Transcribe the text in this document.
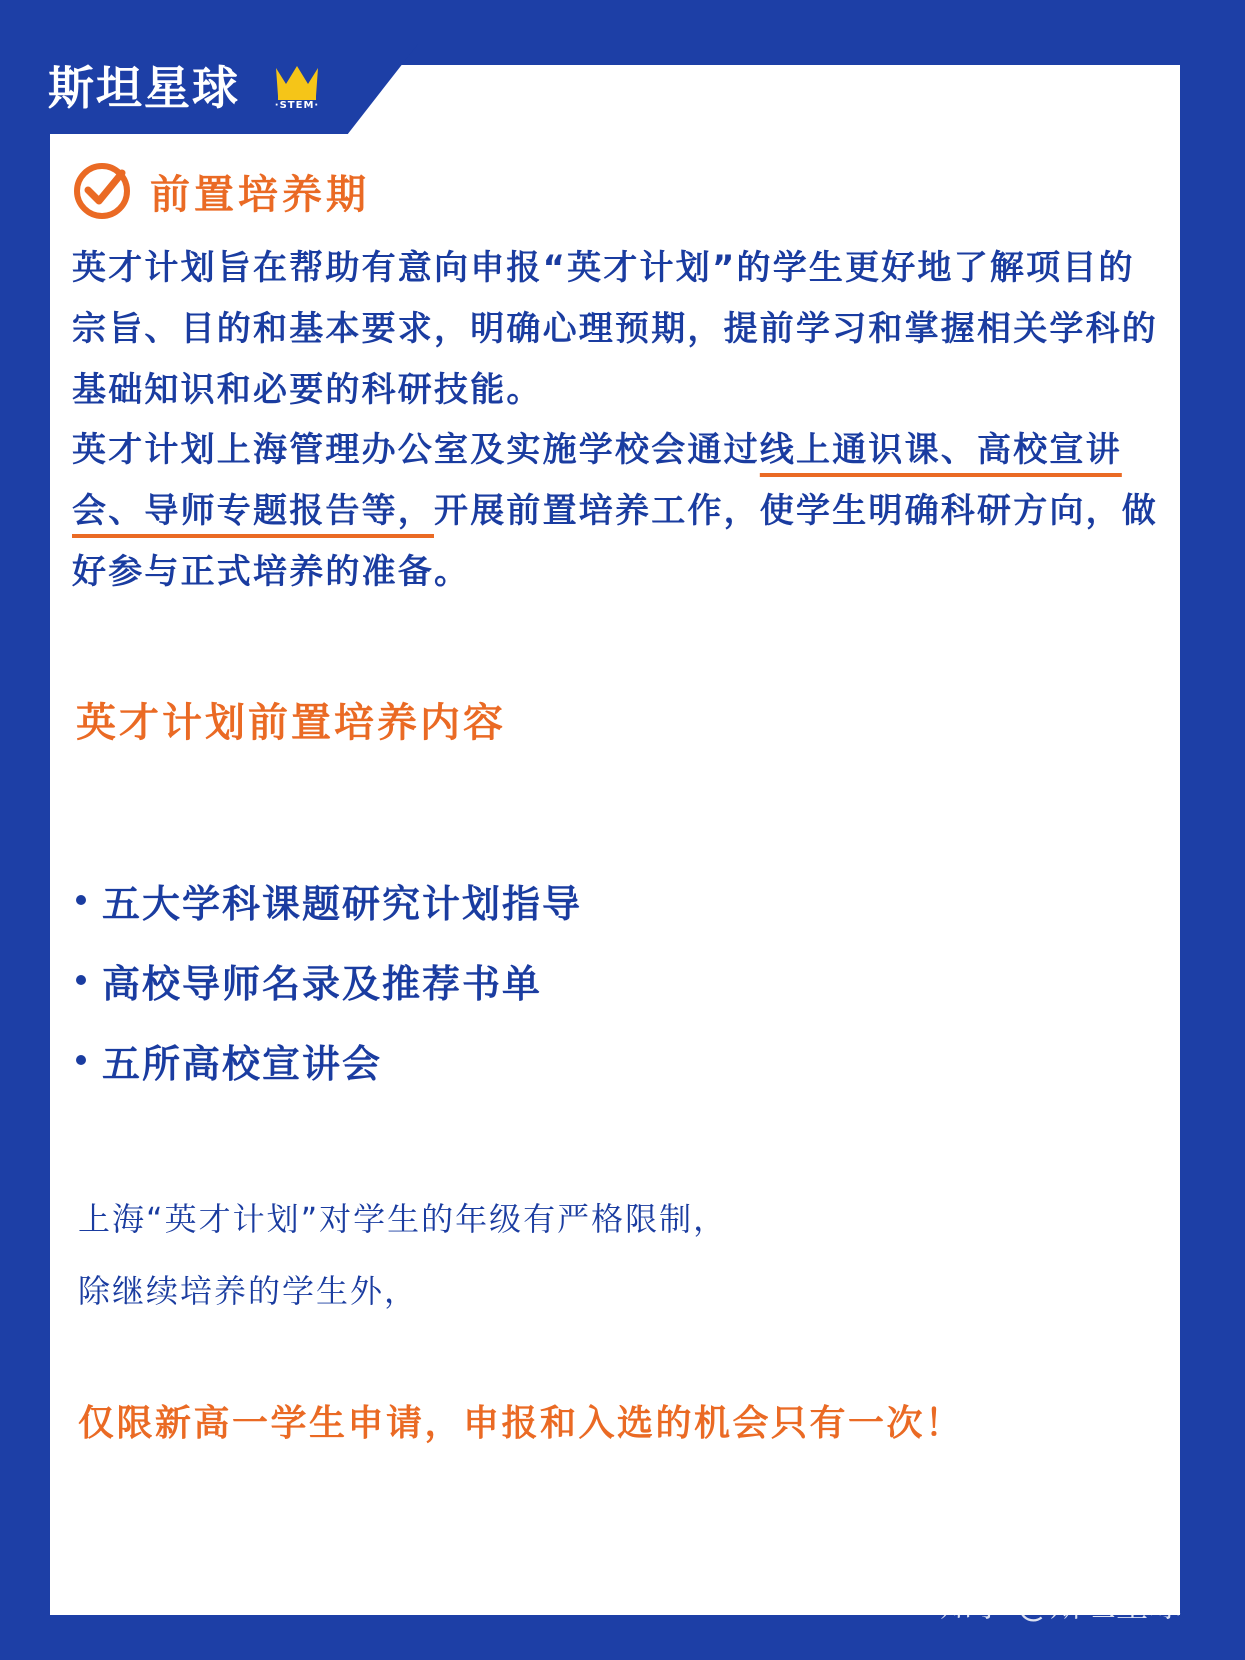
斯坦星球	·STEM·
前置培养期
英才计划旨在帮助有意向申报“英才计划”的学生更好地了解项目的宗旨、目的和基本要求，明确心理预期，提前学习和掌握相关学科的基础知识和必要的科研技能。
英才计划上海管理办公室及实施学校会通过线上通识课、高校宣讲会、导师专题报告等，开展前置培养工作，使学生明确科研方向，做好参与正式培养的准备。
英才计划前置培养内容
五大学科课题研究计划指导
高校导师名录及推荐书单
五所高校宣讲会
上海“英才计划”对学生的年级有严格限制，
除继续培养的学生外，
仅限新高一学生申请，申报和入选的机会只有一次！
知乎 @斯坦星球
